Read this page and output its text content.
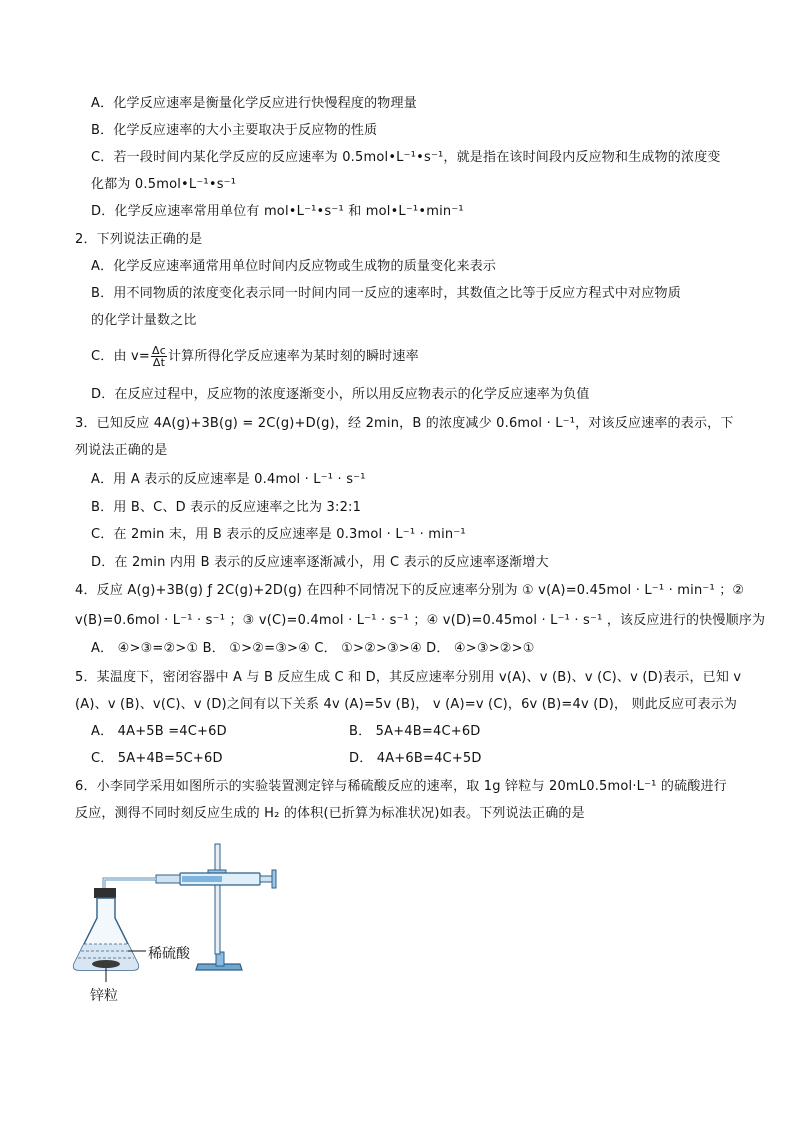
A．化学反应速率是衡量化学反应进行快慢程度的物理量
B．化学反应速率的大小主要取决于反应物的性质
C．若一段时间内某化学反应的反应速率为 0.5mol•L⁻¹•s⁻¹，就是指在该时间段内反应物和生成物的浓度变
化都为 0.5mol•L⁻¹•s⁻¹
D．化学反应速率常用单位有 mol•L⁻¹•s⁻¹ 和 mol•L⁻¹•min⁻¹
2．下列说法正确的是
A．化学反应速率通常用单位时间内反应物或生成物的质量变化来表示
B．用不同物质的浓度变化表示同一时间内同一反应的速率时，其数值之比等于反应方程式中对应物质
的化学计量数之比
C．由 $v= \frac{\Delta c}{\Delta t}$ 计算所得化学反应速率为某时刻的瞬时速率
D．在反应过程中，反应物的浓度逐渐变小，所以用反应物表示的化学反应速率为负值
3．已知反应 4A(g)+3B(g) = 2C(g)+D(g)，经 2min，B 的浓度减少 0.6mol · L⁻¹，对该反应速率的表示，下
列说法正确的是
A．用 A 表示的反应速率是 0.4mol · L⁻¹ · s⁻¹
B．用 B、C、D 表示的反应速率之比为 3:2:1
C．在 2min 末，用 B 表示的反应速率是 0.3mol · L⁻¹ · min⁻¹
D．在 2min 内用 B 表示的反应速率逐渐减小，用 C 表示的反应速率逐渐增大
4．反应 A(g)+3B(g) ƒ 2C(g)+2D(g) 在四种不同情况下的反应速率分别为 ① v(A)=0.45mol · L⁻¹ · min⁻¹ ；②
v(B)=0.6mol · L⁻¹ · s⁻¹ ；③ v(C)=0.4mol · L⁻¹ · s⁻¹ ；④ v(D)=0.45mol · L⁻¹ · s⁻¹ ，该反应进行的快慢顺序为
A． ④>③=②>① B． ①>②=③>④ C． ①>②>③>④ D． ④>③>②>①
5．某温度下，密闭容器中 A 与 B 反应生成 C 和 D，其反应速率分别用 v(A)、v (B)、v (C)、v (D)表示，已知 v
(A)、v (B)、v(C)、v (D)之间有以下关系 4v (A)=5v (B)， v (A)=v (C)，6v (B)=4v (D)， 则此反应可表示为
A． 4A+5B =4C+6D	B． 5A+4B=4C+6D
C． 5A+4B=5C+6D	D． 4A+6B=4C+5D
6．小李同学采用如图所示的实验装置测定锌与稀硫酸反应的速率，取 1g 锌粒与 20mL0.5mol·L⁻¹ 的硫酸进行
反应，测得不同时刻反应生成的 H₂ 的体积(已折算为标准状况)如表。下列说法正确的是
稀硫酸
锌粒
